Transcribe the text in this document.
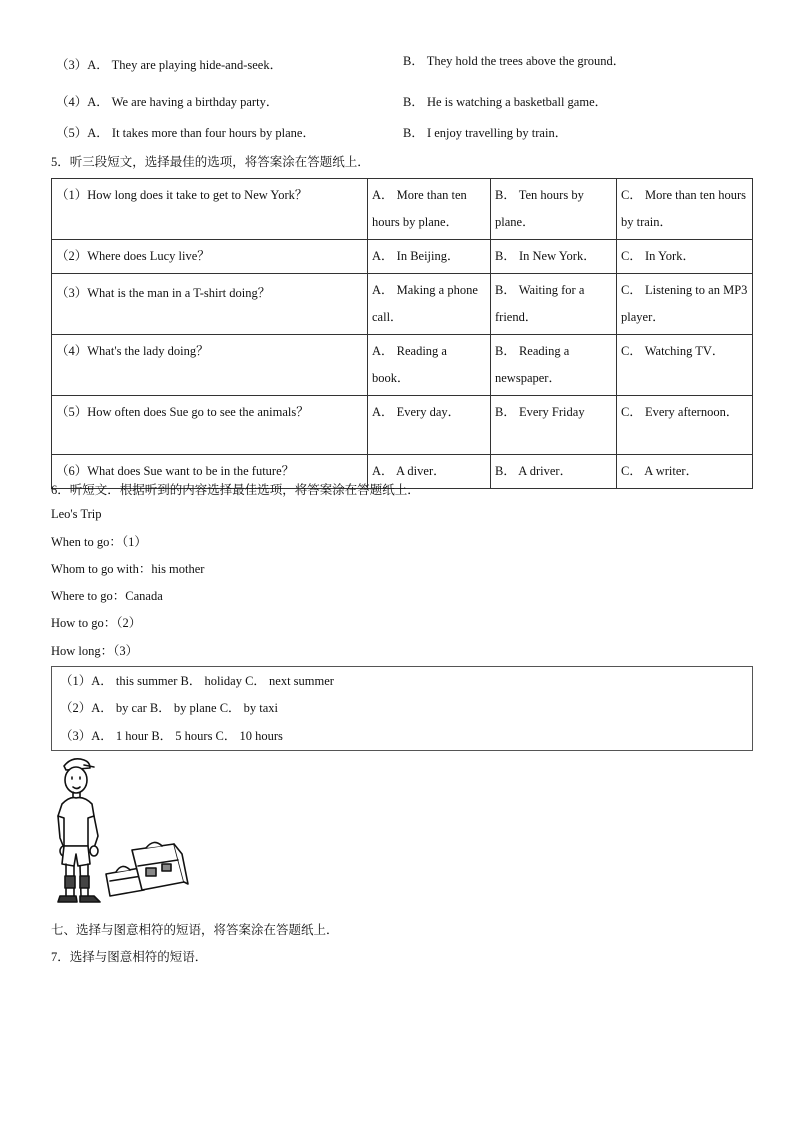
（3）A． They are playing hide-and-seek．	B． They hold the trees above the ground．
（4）A． We are having a birthday party．	B． He is watching a basketball game．
（5）A． It takes more than four hours by plane．	B． I enjoy travelling by train．
5．听三段短文，选择最佳的选项，将答案涂在答题纸上．
（1）How long does it take to get to New York？	A． More than ten hours by plane．	B． Ten hours by plane．	C． More than ten hours by train．
（2）Where does Lucy live？	A． In Beijing．	B． In New York．	C． In York．
（3）What is the man in a T-shirt doing？	A． Making a phone call．	B． Waiting for a friend．	C． Listening to an MP3 player．
（4）What's the lady doing？	A． Reading a book．	B． Reading a newspaper．	C． Watching TV．
（5）How often does Sue go to see the animals？	A． Every day．	B． Every Friday	C． Every afternoon．
（6）What does Sue want to be in the future？	A． A diver．	B． A driver．	C． A writer．
6．听短文．根据听到的内容选择最佳选项，将答案涂在答题纸上．
Leo's Trip
When to go：（1）
Whom to go with：his mother
Where to go：Canada
How to go：（2）
How long：（3）
（1）A． this summer B． holiday C． next summer
（2）A． by car B． by plane C． by taxi
（3）A． 1 hour B． 5 hours C． 10 hours
七、选择与图意相符的短语，将答案涂在答题纸上．
7．选择与图意相符的短语．
